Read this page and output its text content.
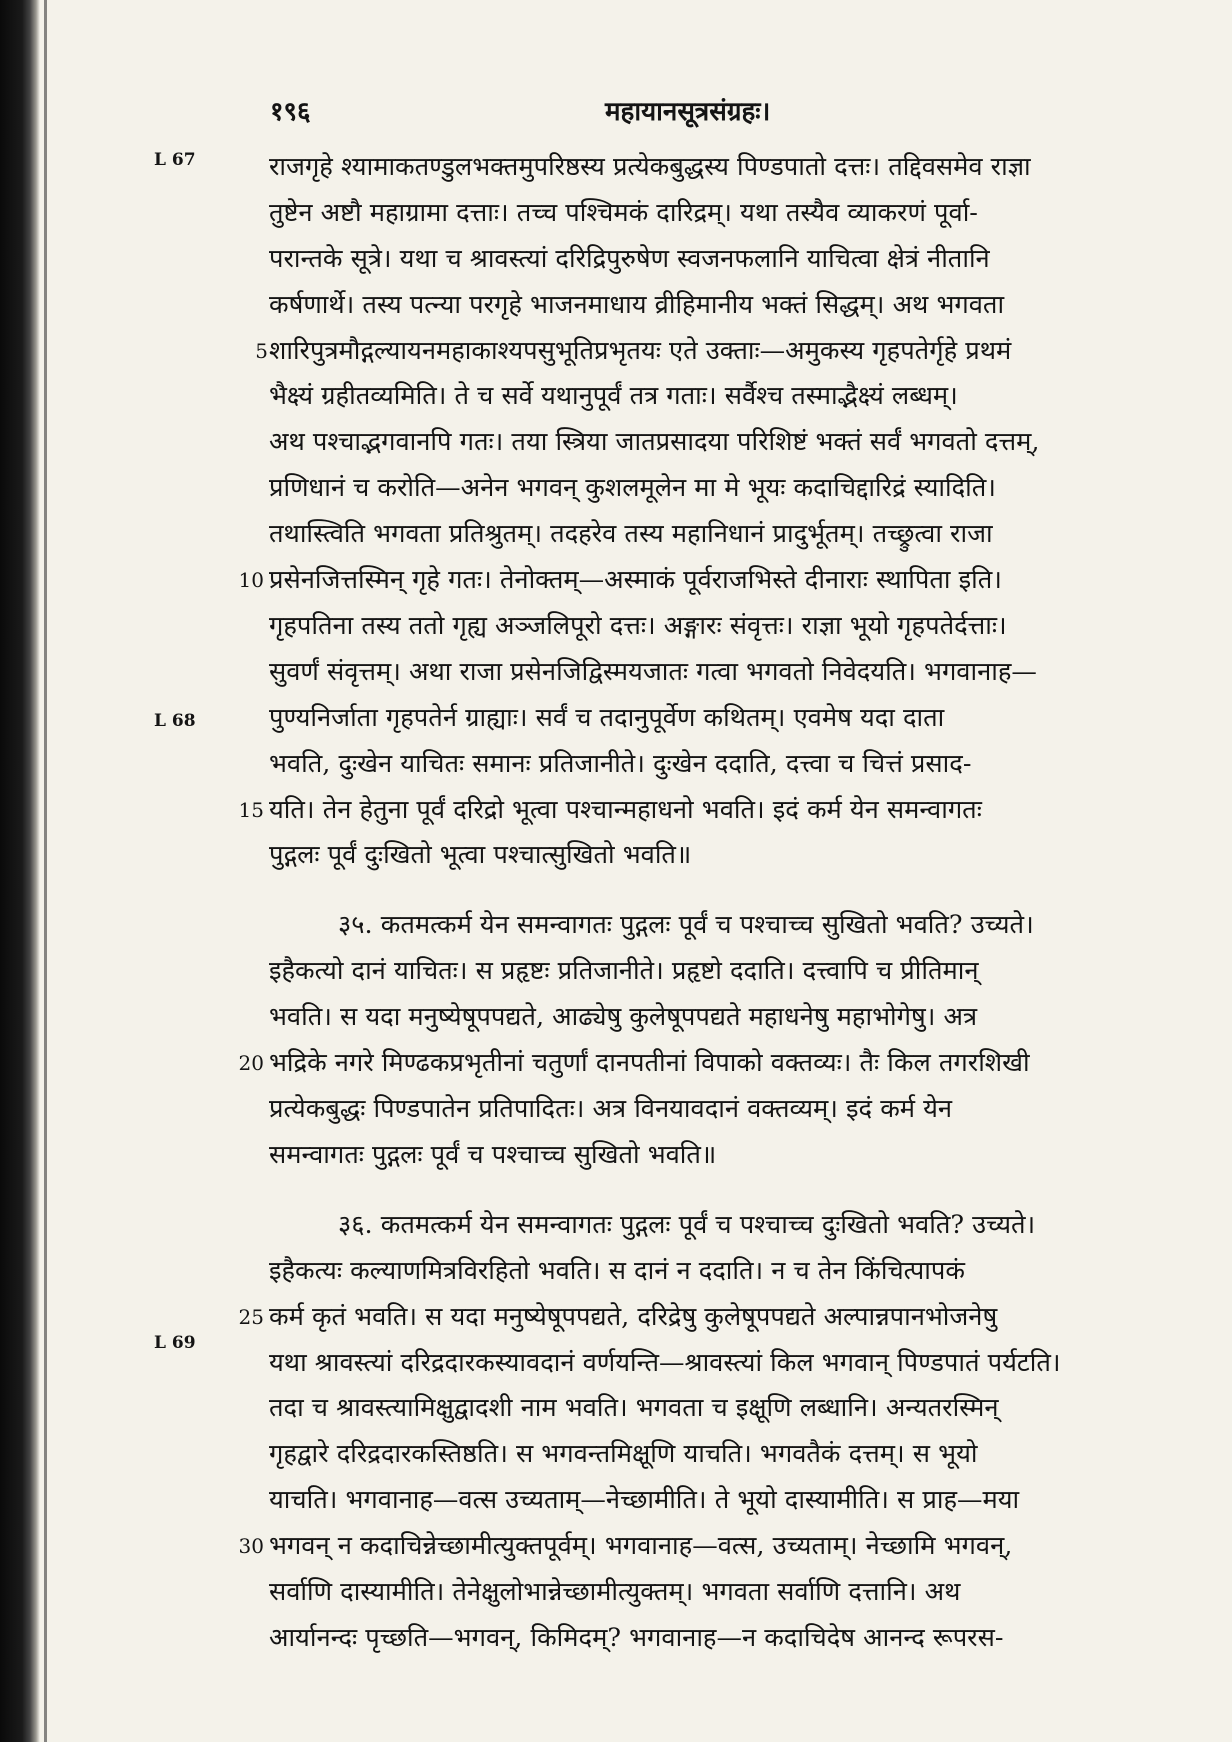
१९६	महायानसूत्रसंग्रहः।
L 67
L 68
L 69
राजगृहे श्यामाकतण्डुलभक्तमुपरिष्ठस्य प्रत्येकबुद्धस्य पिण्डपातो दत्तः। तद्दिवसमेव राज्ञा
तुष्टेन अष्टौ महाग्रामा दत्ताः। तच्च पश्चिमकं दारिद्रम्। यथा तस्यैव व्याकरणं पूर्वा-
परान्तके सूत्रे। यथा च श्रावस्त्यां दरिद्रिपुरुषेण स्वजनफलानि याचित्वा क्षेत्रं नीतानि
कर्षणार्थे। तस्य पत्न्या परगृहे भाजनमाधाय व्रीहिमानीय भक्तं सिद्धम्। अथ भगवता
5 शारिपुत्रमौद्गल्यायनमहाकाश्यपसुभूतिप्रभृतयः एते उक्ताः—अमुकस्य गृहपतेर्गृहे प्रथमं
भैक्ष्यं ग्रहीतव्यमिति। ते च सर्वे यथानुपूर्वं तत्र गताः। सर्वैश्च तस्माद्भैक्ष्यं लब्धम्।
अथ पश्चाद्भगवानपि गतः। तया स्त्रिया जातप्रसादया परिशिष्टं भक्तं सर्वं भगवतो दत्तम्,
प्रणिधानं च करोति—अनेन भगवन् कुशलमूलेन मा मे भूयः कदाचिद्दारिद्रं स्यादिति।
तथास्त्विति भगवता प्रतिश्रुतम्। तदहरेव तस्य महानिधानं प्रादुर्भूतम्। तच्छ्रुत्वा राजा
10 प्रसेनजित्तस्मिन् गृहे गतः। तेनोक्तम्—अस्माकं पूर्वराजभिस्ते दीनाराः स्थापिता इति।
गृहपतिना तस्य ततो गृह्य अञ्जलिपूरो दत्तः। अङ्गारः संवृत्तः। राज्ञा भूयो गृहपतेर्दत्ताः।
सुवर्णं संवृत्तम्। अथा राजा प्रसेनजिद्विस्मयजातः गत्वा भगवतो निवेदयति। भगवानाह—
पुण्यनिर्जाता गृहपतेर्न ग्राह्याः। सर्वं च तदानुपूर्वेण कथितम्। एवमेष यदा दाता
भवति, दुःखेन याचितः समानः प्रतिजानीते। दुःखेन ददाति, दत्त्वा च चित्तं प्रसाद-
15 यति। तेन हेतुना पूर्वं दरिद्रो भूत्वा पश्चान्महाधनो भवति। इदं कर्म येन समन्वागतः
पुद्गलः पूर्वं दुःखितो भूत्वा पश्चात्सुखितो भवति॥
३५. कतमत्कर्म येन समन्वागतः पुद्गलः पूर्वं च पश्चाच्च सुखितो भवति? उच्यते।
इहैकत्यो दानं याचितः। स प्रहृष्टः प्रतिजानीते। प्रहृष्टो ददाति। दत्त्वापि च प्रीतिमान्
भवति। स यदा मनुष्येषूपपद्यते, आढ्येषु कुलेषूपपद्यते महाधनेषु महाभोगेषु। अत्र
20 भद्रिके नगरे मिण्ढकप्रभृतीनां चतुर्णां दानपतीनां विपाको वक्तव्यः। तैः किल तगरशिखी
प्रत्येकबुद्धः पिण्डपातेन प्रतिपादितः। अत्र विनयावदानं वक्तव्यम्। इदं कर्म येन
समन्वागतः पुद्गलः पूर्वं च पश्चाच्च सुखितो भवति॥
३६. कतमत्कर्म येन समन्वागतः पुद्गलः पूर्वं च पश्चाच्च दुःखितो भवति? उच्यते।
इहैकत्यः कल्याणमित्रविरहितो भवति। स दानं न ददाति। न च तेन किंचित्पापकं
25 कर्म कृतं भवति। स यदा मनुष्येषूपपद्यते, दरिद्रेषु कुलेषूपपद्यते अल्पान्नपानभोजनेषु
यथा श्रावस्त्यां दरिद्रदारकस्यावदानं वर्णयन्ति—श्रावस्त्यां किल भगवान् पिण्डपातं पर्यटति।
तदा च श्रावस्त्यामिक्षुद्वादशी नाम भवति। भगवता च इक्षूणि लब्धानि। अन्यतरस्मिन्
गृहद्वारे दरिद्रदारकस्तिष्ठति। स भगवन्तमिक्षूणि याचति। भगवतैकं दत्तम्। स भूयो
याचति। भगवानाह—वत्स उच्यताम्—नेच्छामीति। ते भूयो दास्यामीति। स प्राह—मया
30 भगवन् न कदाचिन्नेच्छामीत्युक्तपूर्वम्। भगवानाह—वत्स, उच्यताम्। नेच्छामि भगवन्,
सर्वाणि दास्यामीति। तेनेक्षुलोभान्नेच्छामीत्युक्तम्। भगवता सर्वाणि दत्तानि। अथ
आर्यानन्दः पृच्छति—भगवन्, किमिदम्? भगवानाह—न कदाचिदेष आनन्द रूपरस-
